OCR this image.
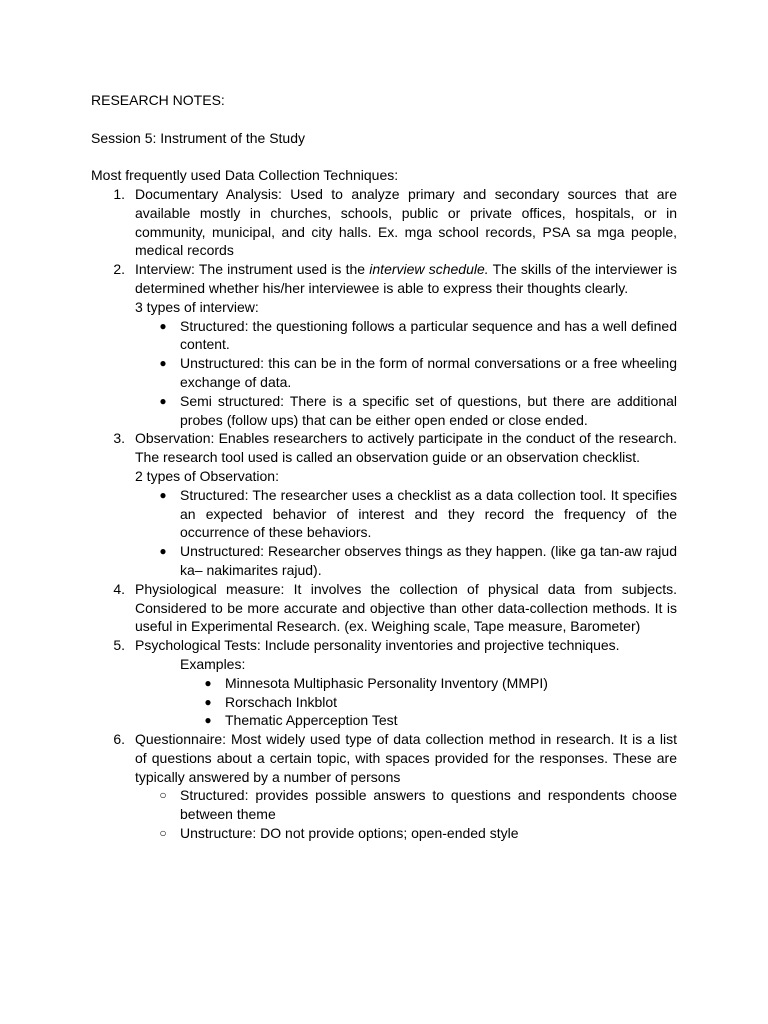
RESEARCH NOTES:

Session 5: Instrument of the Study

Most frequently used Data Collection Techniques:

1. Documentary Analysis: Used to analyze primary and secondary sources that are available mostly in churches, schools, public or private offices, hospitals, or in community, municipal, and city halls. Ex. mga school records, PSA sa mga people, medical records
2. Interview: The instrument used is the interview schedule. The skills of the interviewer is determined whether his/her interviewee is able to express their thoughts clearly.
3 types of interview:
● Structured: the questioning follows a particular sequence and has a well defined content.
● Unstructured: this can be in the form of normal conversations or a free wheeling exchange of data.
● Semi structured: There is a specific set of questions, but there are additional probes (follow ups) that can be either open ended or close ended.
3. Observation: Enables researchers to actively participate in the conduct of the research. The research tool used is called an observation guide or an observation checklist.
2 types of Observation:
● Structured: The researcher uses a checklist as a data collection tool. It specifies an expected behavior of interest and they record the frequency of the occurrence of these behaviors.
● Unstructured: Researcher observes things as they happen. (like ga tan-aw rajud ka– nakimarites rajud).
4. Physiological measure: It involves the collection of physical data from subjects. Considered to be more accurate and objective than other data-collection methods. It is useful in Experimental Research. (ex. Weighing scale, Tape measure, Barometer)
5. Psychological Tests: Include personality inventories and projective techniques.
Examples:
● Minnesota Multiphasic Personality Inventory (MMPI)
● Rorschach Inkblot
● Thematic Apperception Test
6. Questionnaire: Most widely used type of data collection method in research. It is a list of questions about a certain topic, with spaces provided for the responses. These are typically answered by a number of persons
○ Structured: provides possible answers to questions and respondents choose between theme
○ Unstructure: DO not provide options; open-ended style
